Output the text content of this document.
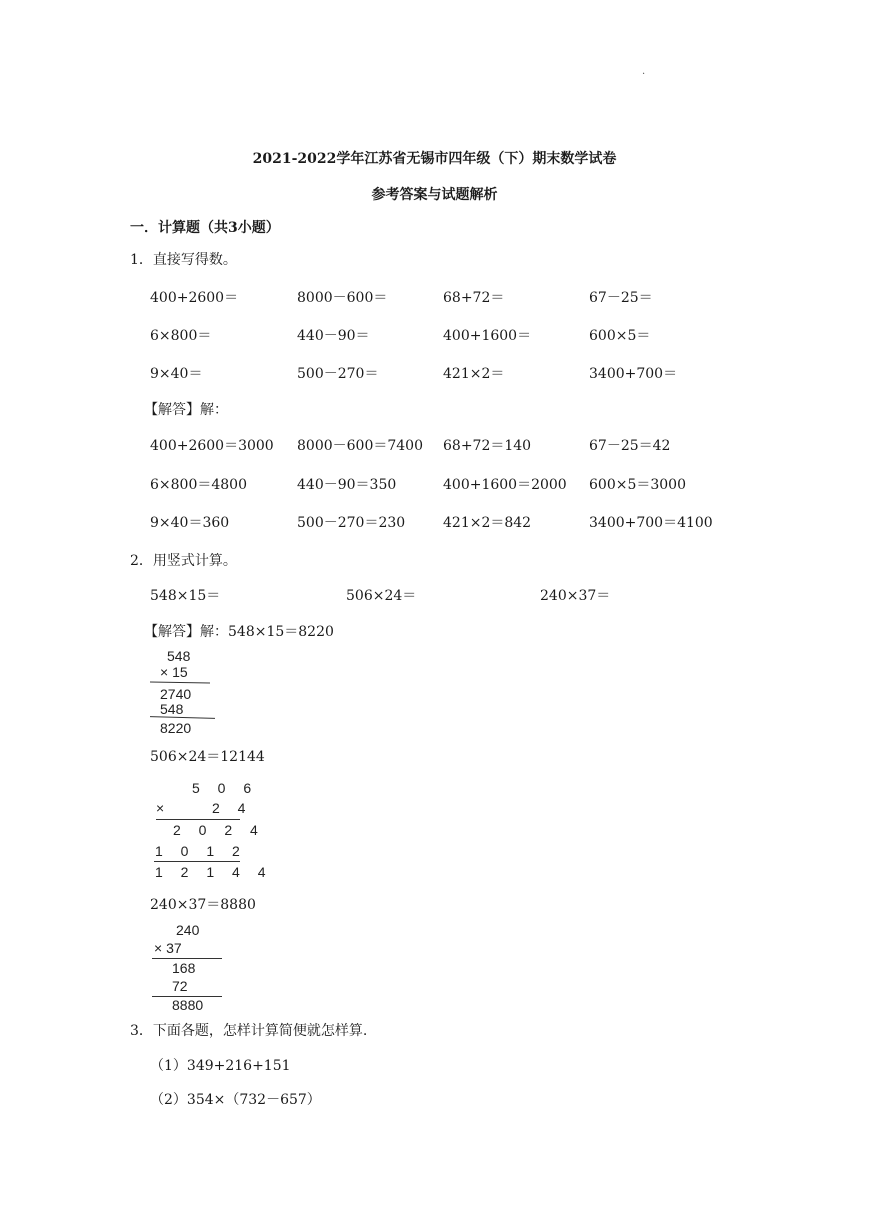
.
2021-2022学年江苏省无锡市四年级（下）期末数学试卷
参考答案与试题解析
一．计算题（共3小题）
1．直接写得数。
400+2600＝	8000－600＝	68+72＝	67－25＝
6×800＝	440－90＝	400+1600＝	600×5＝
9×40＝	500－270＝	421×2＝	3400+700＝
【解答】解：
400+2600＝3000 8000－600＝7400 68+72＝140	67－25＝42
6×800＝4800	440－90＝350	400+1600＝2000 600×5＝3000
9×40＝360	500－270＝230	421×2＝842	3400+700＝4100
2．用竖式计算。
548×15＝	506×24＝	240×37＝
【解答】解：548×15＝8220
548
× 15
2740
548
8220
506×24＝12144
5 0 6
×	2 4
2 0 2 4
1 0 1 2
1 2 1 4 4
240×37＝8880
240
× 37
168
72
8880
3．下面各题，怎样计算简便就怎样算.
（1）349+216+151
（2）354×（732－657）
